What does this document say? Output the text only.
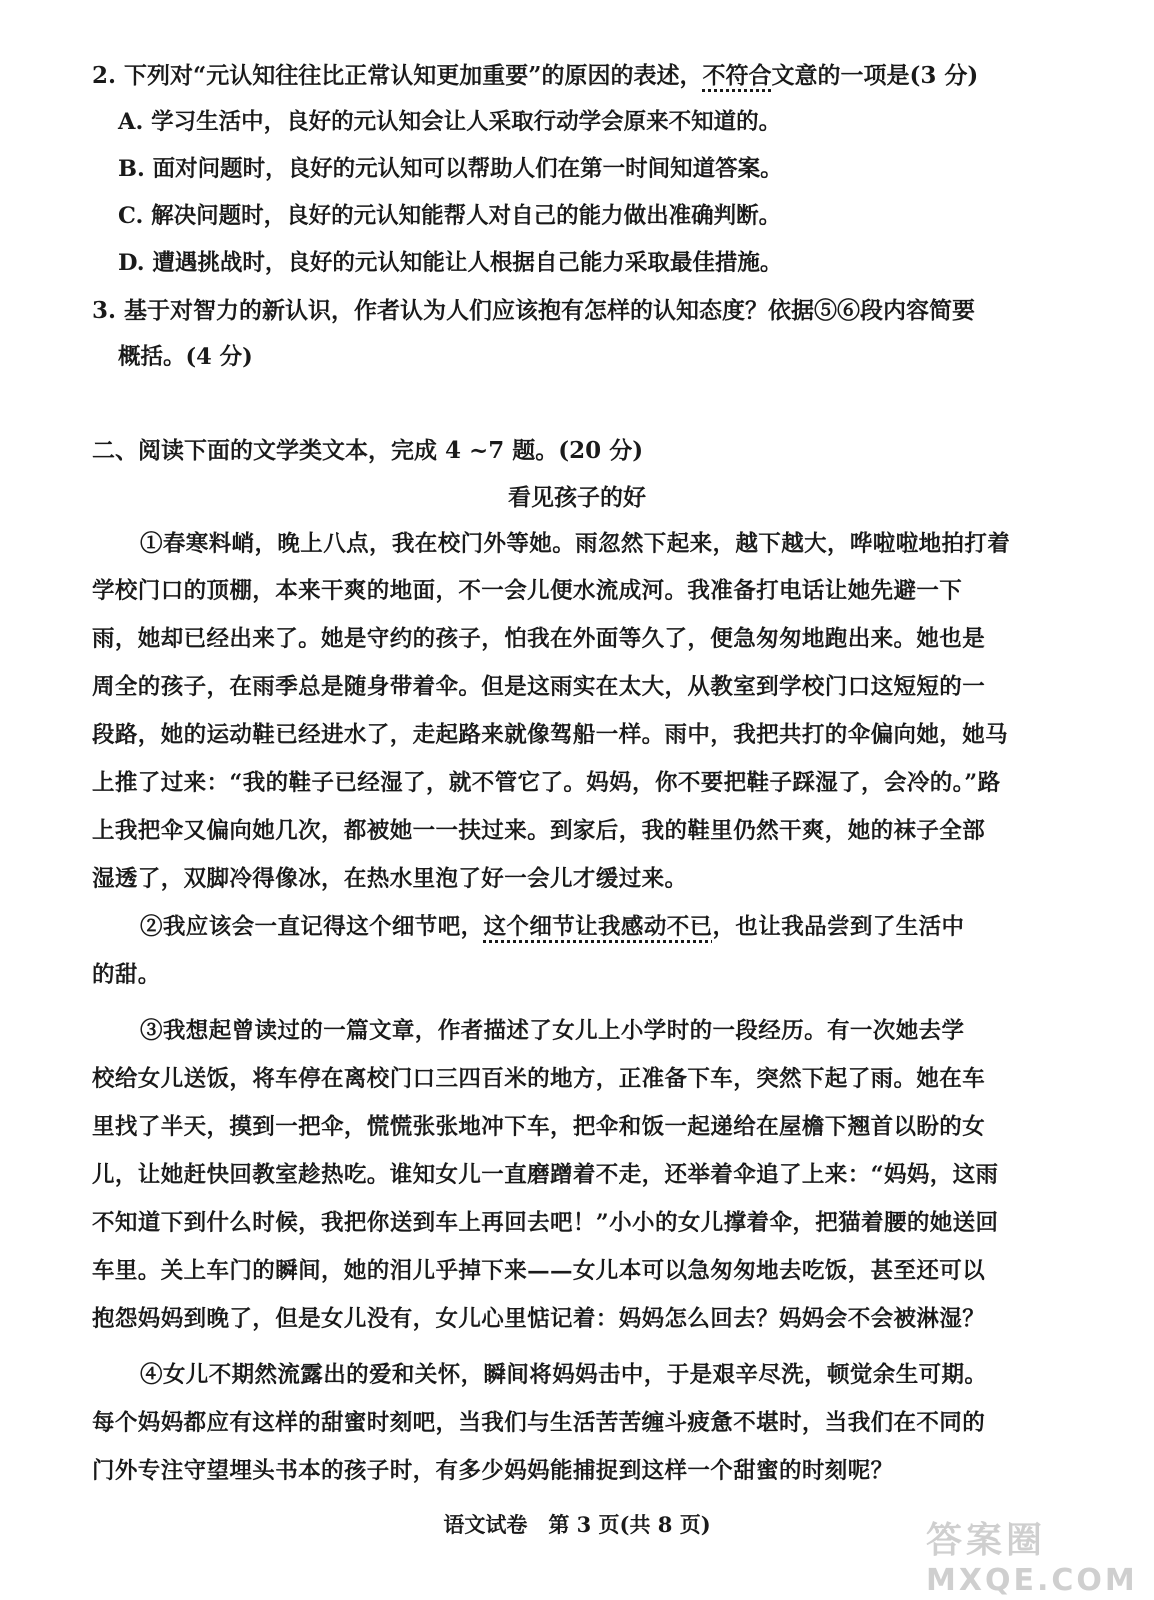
2. 下列对“元认知往往比正常认知更加重要”的原因的表述，不符合文意的一项是(3 分)
A. 学习生活中，良好的元认知会让人采取行动学会原来不知道的。
B. 面对问题时，良好的元认知可以帮助人们在第一时间知道答案。
C. 解决问题时，良好的元认知能帮人对自己的能力做出准确判断。
D. 遭遇挑战时，良好的元认知能让人根据自己能力采取最佳措施。
3. 基于对智力的新认识，作者认为人们应该抱有怎样的认知态度？依据⑤⑥段内容简要
概括。(4 分)
二、阅读下面的文学类文本，完成 4 ~7 题。(20 分)
看见孩子的好
①春寒料峭，晚上八点，我在校门外等她。雨忽然下起来，越下越大，哗啦啦地拍打着
学校门口的顶棚，本来干爽的地面，不一会儿便水流成河。我准备打电话让她先避一下
雨，她却已经出来了。她是守约的孩子，怕我在外面等久了，便急匆匆地跑出来。她也是
周全的孩子，在雨季总是随身带着伞。但是这雨实在太大，从教室到学校门口这短短的一
段路，她的运动鞋已经进水了，走起路来就像驾船一样。雨中，我把共打的伞偏向她，她马
上推了过来：“我的鞋子已经湿了，就不管它了。妈妈，你不要把鞋子踩湿了，会冷的。”路
上我把伞又偏向她几次，都被她一一扶过来。到家后，我的鞋里仍然干爽，她的袜子全部
湿透了，双脚冷得像冰，在热水里泡了好一会儿才缓过来。
②我应该会一直记得这个细节吧，这个细节让我感动不已，也让我品尝到了生活中
的甜。
③我想起曾读过的一篇文章，作者描述了女儿上小学时的一段经历。有一次她去学
校给女儿送饭，将车停在离校门口三四百米的地方，正准备下车，突然下起了雨。她在车
里找了半天，摸到一把伞，慌慌张张地冲下车，把伞和饭一起递给在屋檐下翘首以盼的女
儿，让她赶快回教室趁热吃。谁知女儿一直磨蹭着不走，还举着伞追了上来：“妈妈，这雨
不知道下到什么时候，我把你送到车上再回去吧！”小小的女儿撑着伞，把猫着腰的她送回
车里。关上车门的瞬间，她的泪儿乎掉下来——女儿本可以急匆匆地去吃饭，甚至还可以
抱怨妈妈到晚了，但是女儿没有，女儿心里惦记着：妈妈怎么回去？妈妈会不会被淋湿？
④女儿不期然流露出的爱和关怀，瞬间将妈妈击中，于是艰辛尽洗，顿觉余生可期。
每个妈妈都应有这样的甜蜜时刻吧，当我们与生活苦苦缠斗疲惫不堪时，当我们在不同的
门外专注守望埋头书本的孩子时，有多少妈妈能捕捉到这样一个甜蜜的时刻呢？
语文试卷　第 3 页(共 8 页)	答案圈
MXQE.COM
